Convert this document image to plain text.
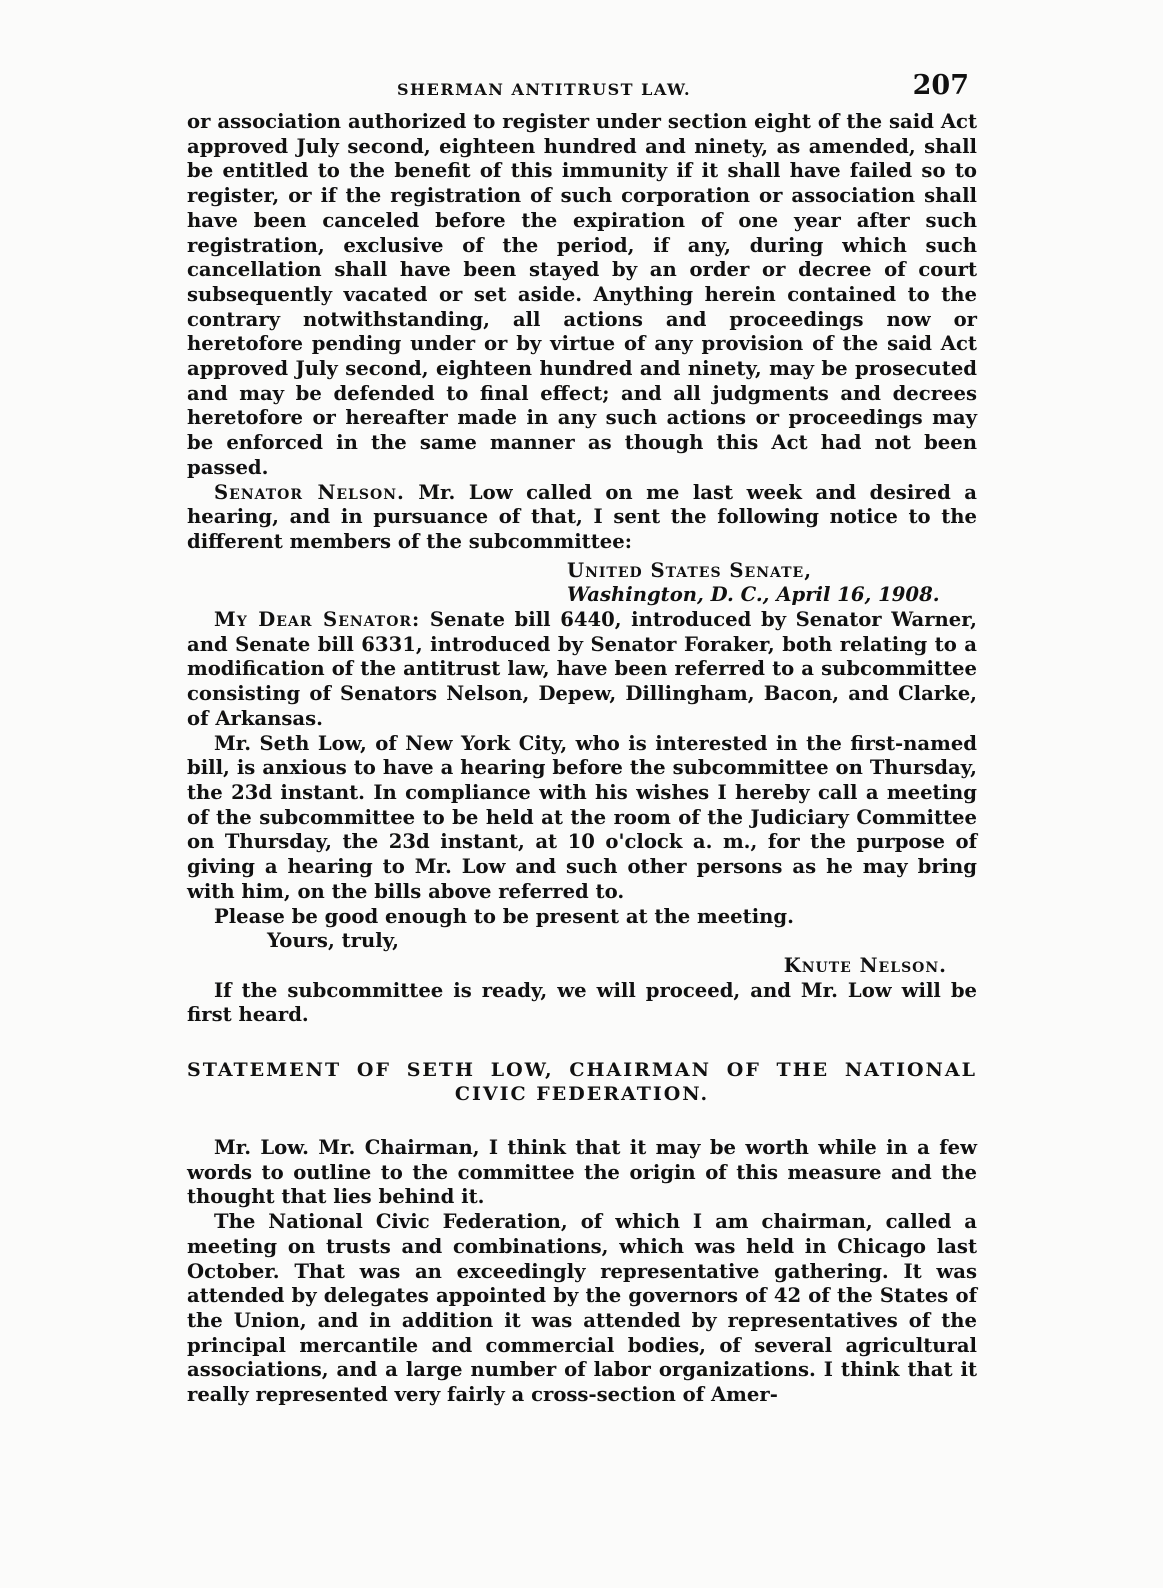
SHERMAN ANTITRUST LAW.	207

or association authorized to register under section eight of the said Act approved July second, eighteen hundred and ninety, as amended, shall be entitled to the benefit of this immunity if it shall have failed so to register, or if the registration of such corporation or association shall have been canceled before the expiration of one year after such registration, exclusive of the period, if any, during which such cancellation shall have been stayed by an order or decree of court subsequently vacated or set aside. Anything herein contained to the contrary notwithstanding, all actions and proceedings now or heretofore pending under or by virtue of any provision of the said Act approved July second, eighteen hundred and ninety, may be prosecuted and may be defended to final effect; and all judgments and decrees heretofore or hereafter made in any such actions or proceedings may be enforced in the same manner as though this Act had not been passed.

Senator Nelson. Mr. Low called on me last week and desired a hearing, and in pursuance of that, I sent the following notice to the different members of the subcommittee:

United States Senate,
Washington, D. C., April 16, 1908.

My Dear Senator: Senate bill 6440, introduced by Senator Warner, and Senate bill 6331, introduced by Senator Foraker, both relating to a modification of the antitrust law, have been referred to a subcommittee consisting of Senators Nelson, Depew, Dillingham, Bacon, and Clarke, of Arkansas.

Mr. Seth Low, of New York City, who is interested in the first-named bill, is anxious to have a hearing before the subcommittee on Thursday, the 23d instant. In compliance with his wishes I hereby call a meeting of the subcommittee to be held at the room of the Judiciary Committee on Thursday, the 23d instant, at 10 o'clock a. m., for the purpose of giving a hearing to Mr. Low and such other persons as he may bring with him, on the bills above referred to.

Please be good enough to be present at the meeting.

Yours, truly,

Knute Nelson.

If the subcommittee is ready, we will proceed, and Mr. Low will be first heard.

STATEMENT OF SETH LOW, CHAIRMAN OF THE NATIONAL
CIVIC FEDERATION.

Mr. Low. Mr. Chairman, I think that it may be worth while in a few words to outline to the committee the origin of this measure and the thought that lies behind it.

The National Civic Federation, of which I am chairman, called a meeting on trusts and combinations, which was held in Chicago last October. That was an exceedingly representative gathering. It was attended by delegates appointed by the governors of 42 of the States of the Union, and in addition it was attended by representatives of the principal mercantile and commercial bodies, of several agricultural associations, and a large number of labor organizations. I think that it really represented very fairly a cross-section of Amer-
